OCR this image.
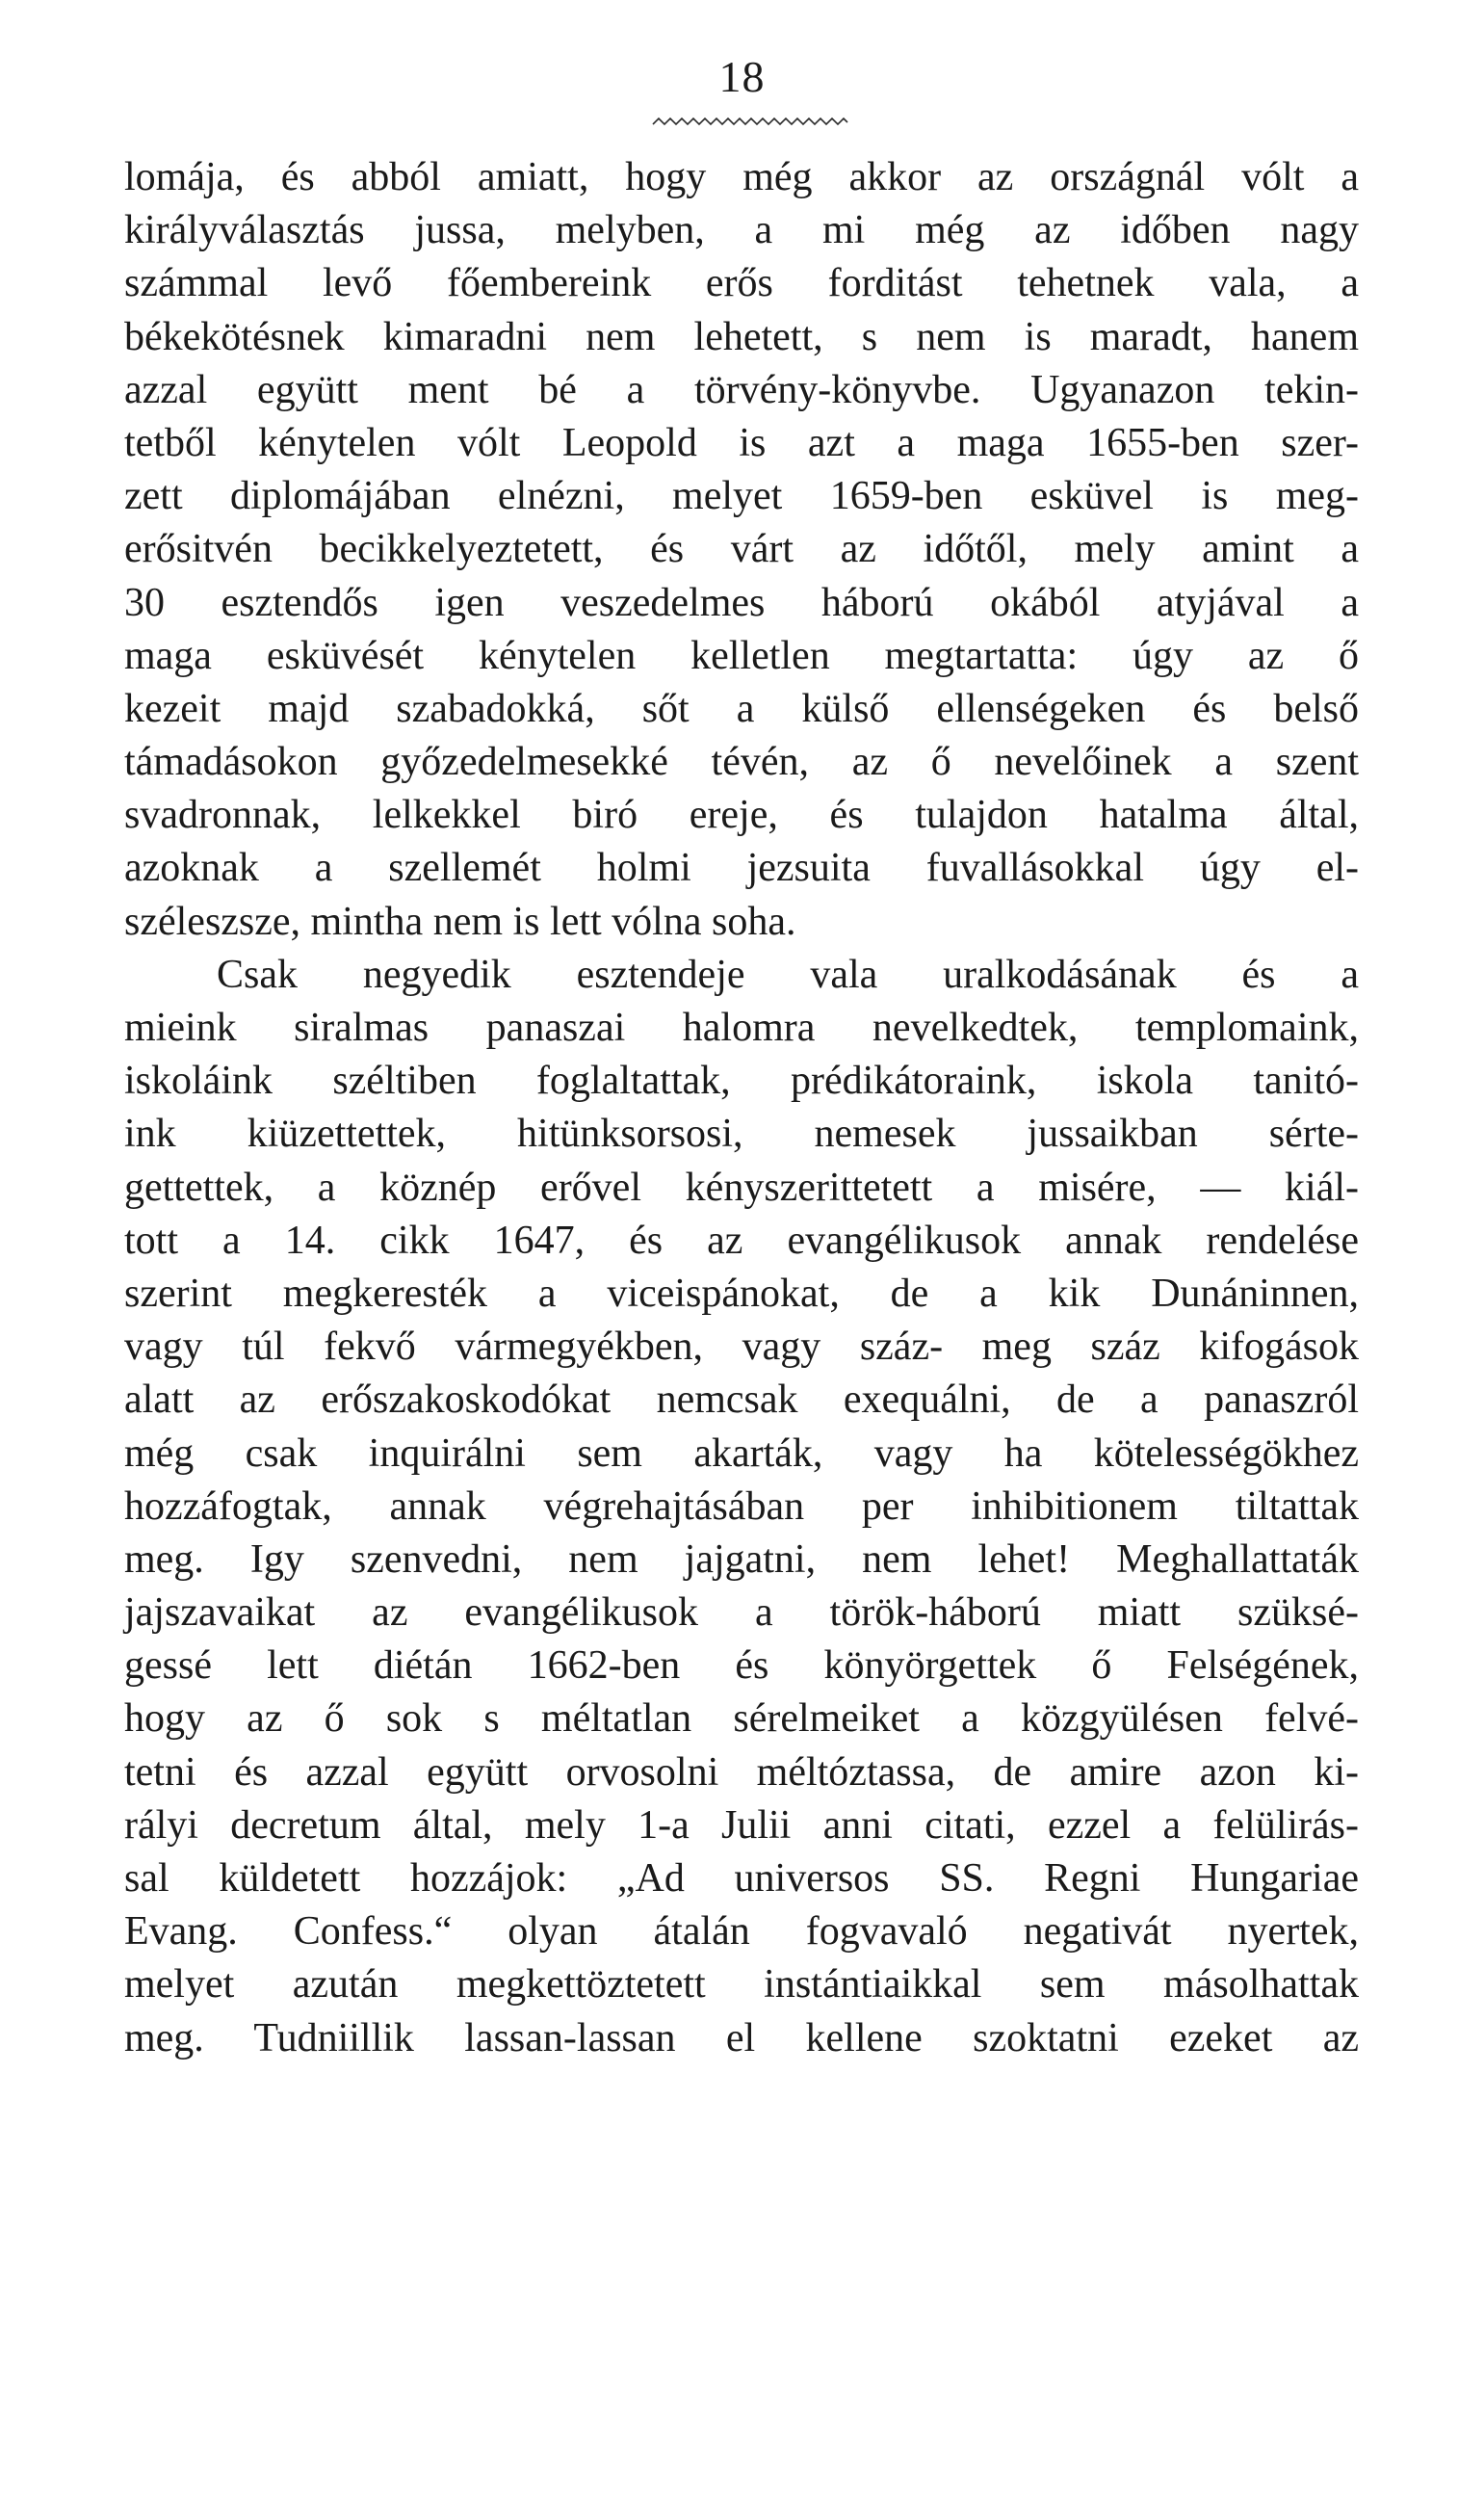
18
lomája, és abból amiatt, hogy még akkor az országnál vólt a
királyválasztás jussa, melyben, a mi még az időben nagy
számmal levő főembereink erős forditást tehetnek vala, a
békekötésnek kimaradni nem lehetett, s nem is maradt, hanem
azzal együtt ment bé a törvény-könyvbe. Ugyanazon tekin-
tetből kénytelen vólt Leopold is azt a maga 1655-ben szer-
zett diplomájában elnézni, melyet 1659-ben esküvel is meg-
erősitvén becikkelyeztetett, és várt az időtől, mely amint a
30 esztendős igen veszedelmes háború okából atyjával a
maga esküvését kénytelen kelletlen megtartatta: úgy az ő
kezeit majd szabadokká, sőt a külső ellenségeken és belső
támadásokon győzedelmesekké tévén, az ő nevelőinek a szent
svadronnak, lelkekkel biró ereje, és tulajdon hatalma által,
azoknak a szellemét holmi jezsuita fuvallásokkal úgy el-
széleszsze, mintha nem is lett vólna soha.
Csak negyedik esztendeje vala uralkodásának és a
mieink siralmas panaszai halomra nevelkedtek, templomaink,
iskoláink széltiben foglaltattak, prédikátoraink, iskola tanitó-
ink kiüzettettek, hitünksorsosi, nemesek jussaikban sérte-
gettettek, a köznép erővel kényszerittetett a misére, — kiál-
tott a 14. cikk 1647, és az evangélikusok annak rendelése
szerint megkeresték a viceispánokat, de a kik Dunáninnen,
vagy túl fekvő vármegyékben, vagy száz- meg száz kifogások
alatt az erőszakoskodókat nemcsak exequálni, de a panaszról
még csak inquirálni sem akarták, vagy ha kötelességökhez
hozzáfogtak, annak végrehajtásában per inhibitionem tiltattak
meg. Igy szenvedni, nem jajgatni, nem lehet! Meghallattaták
jajszavaikat az evangélikusok a török-háború miatt szüksé-
gessé lett diétán 1662-ben és könyörgettek ő Felségének,
hogy az ő sok s méltatlan sérelmeiket a közgyülésen felvé-
tetni és azzal együtt orvosolni méltóztassa, de amire azon ki-
rályi decretum által, mely 1-a Julii anni citati, ezzel a felülirás-
sal küldetett hozzájok: „Ad universos SS. Regni Hungariae
Evang. Confess.“ olyan átalán fogvavaló negativát nyertek,
melyet azután megkettöztetett instántiaikkal sem másolhattak
meg. Tudniillik lassan-lassan el kellene szoktatni ezeket az
